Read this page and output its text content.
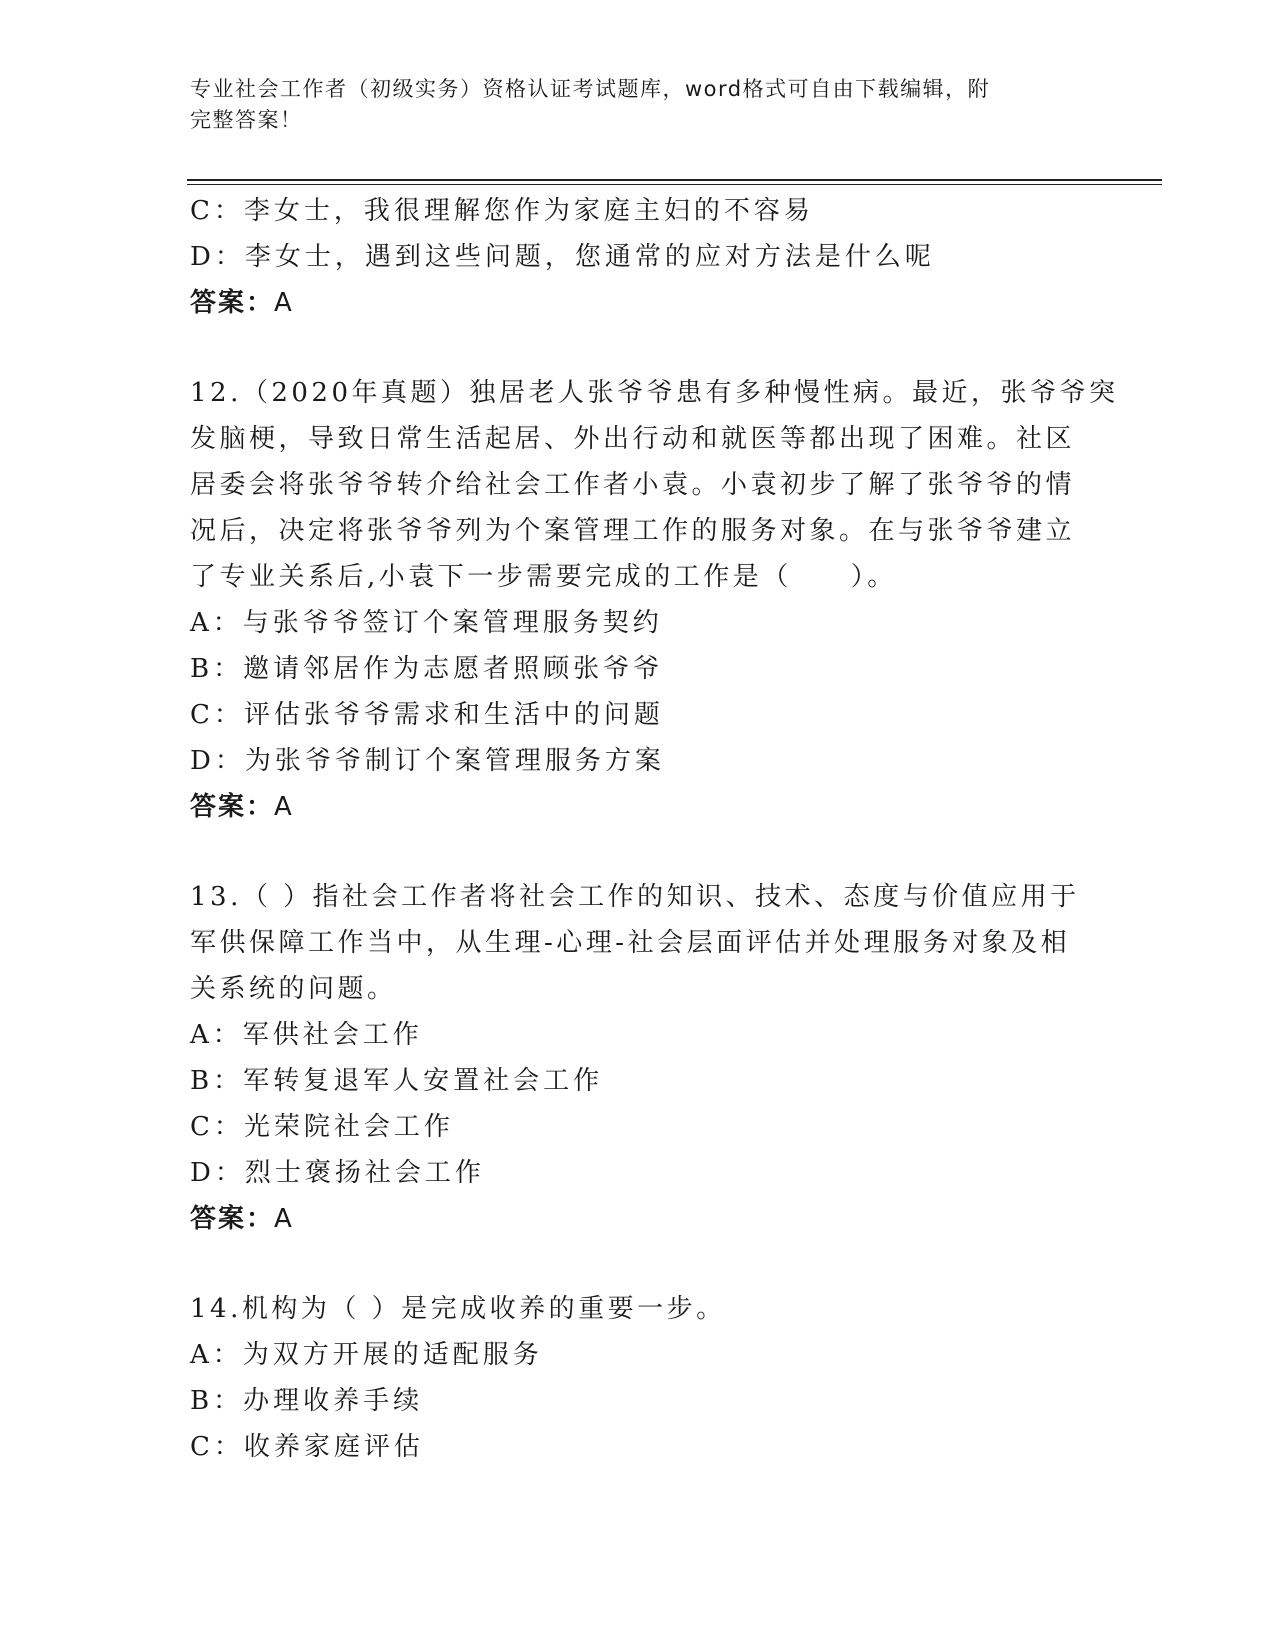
专业社会工作者（初级实务）资格认证考试题库，word格式可自由下载编辑，附
完整答案！
C：李女士，我很理解您作为家庭主妇的不容易
D：李女士，遇到这些问题，您通常的应对方法是什么呢
答案：A
12.（2020年真题）独居老人张爷爷患有多种慢性病。最近，张爷爷突
发脑梗，导致日常生活起居、外出行动和就医等都出现了困难。社区
居委会将张爷爷转介给社会工作者小袁。小袁初步了解了张爷爷的情
况后，决定将张爷爷列为个案管理工作的服务对象。在与张爷爷建立
了专业关系后,小袁下一步需要完成的工作是（　　）。
A：与张爷爷签订个案管理服务契约
B：邀请邻居作为志愿者照顾张爷爷
C：评估张爷爷需求和生活中的问题
D：为张爷爷制订个案管理服务方案
答案：A
13.（ ）指社会工作者将社会工作的知识、技术、态度与价值应用于
军供保障工作当中，从生理-心理-社会层面评估并处理服务对象及相
关系统的问题。
A：军供社会工作
B：军转复退军人安置社会工作
C：光荣院社会工作
D：烈士褒扬社会工作
答案：A
14.机构为（ ）是完成收养的重要一步。
A：为双方开展的适配服务
B：办理收养手续
C：收养家庭评估
